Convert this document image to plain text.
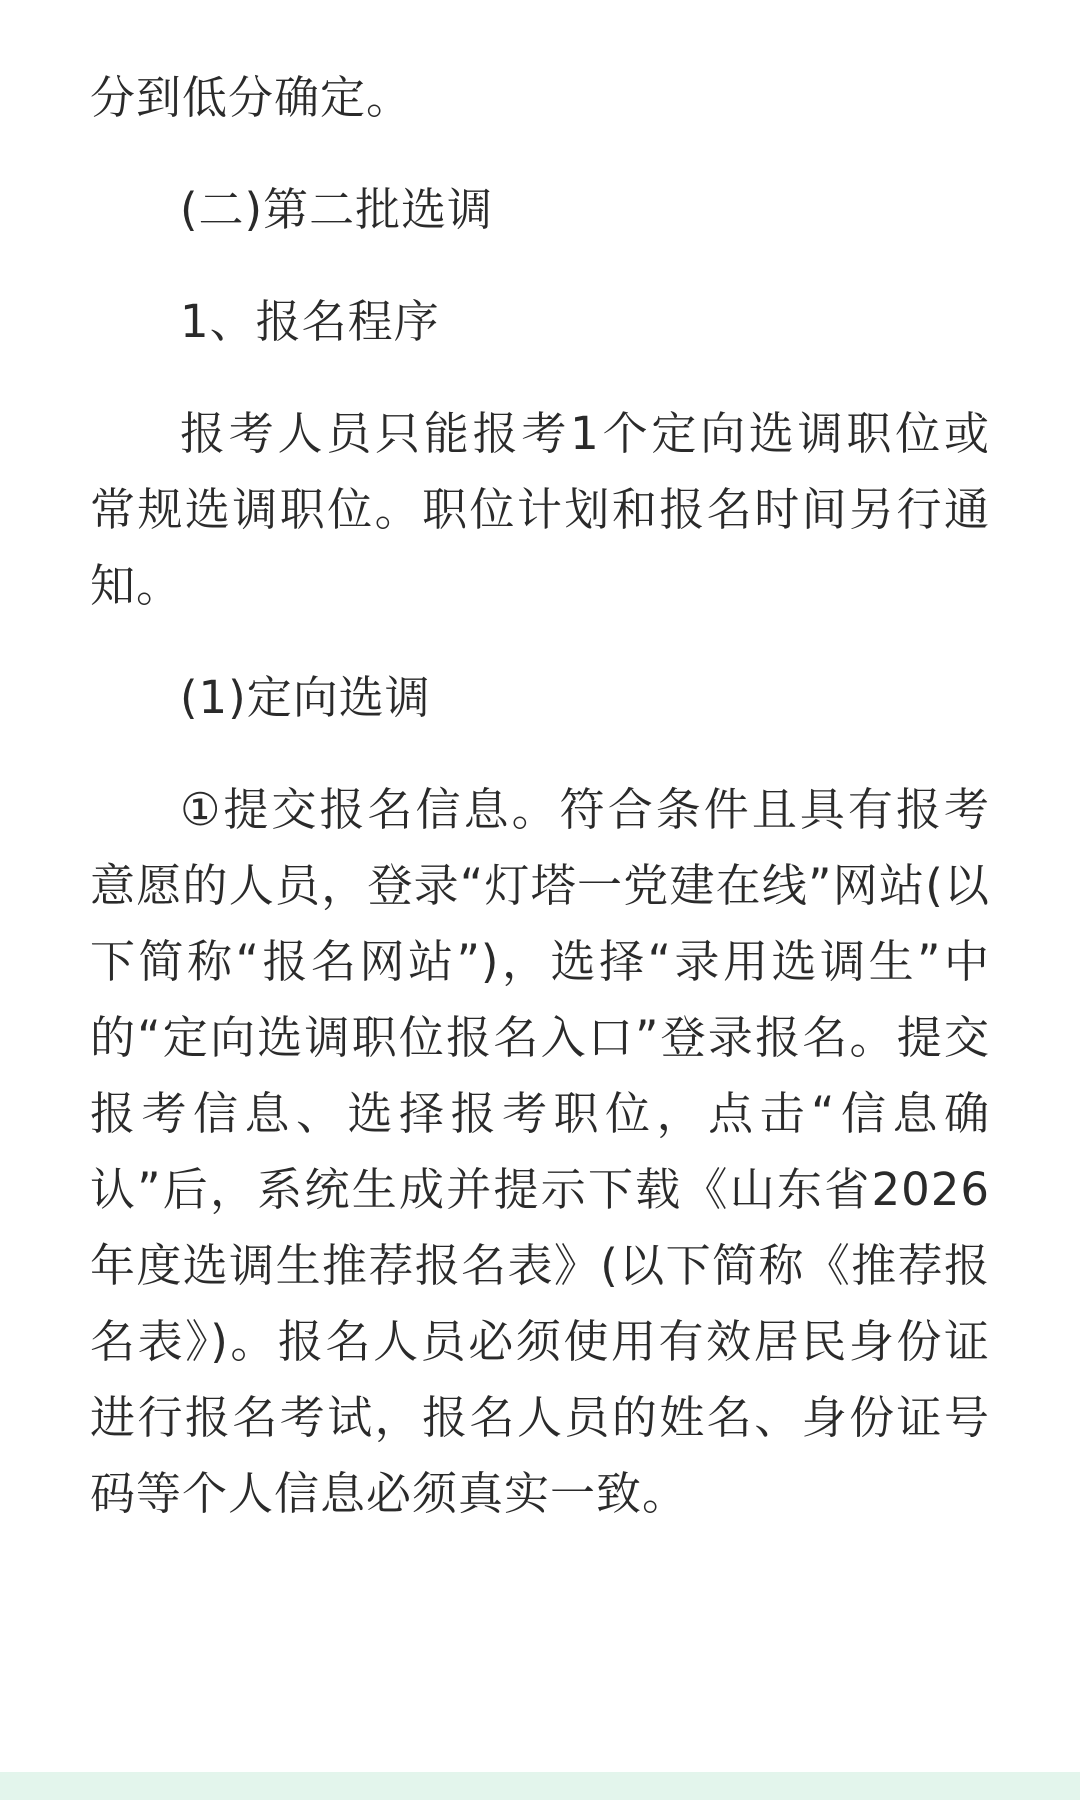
分到低分确定。

(二)第二批选调

1、报名程序

报考人员只能报考1个定向选调职位或常规选调职位。职位计划和报名时间另行通知。

(1)定向选调

①提交报名信息。符合条件且具有报考意愿的人员，登录“灯塔一党建在线”网站(以下简称“报名网站”)，选择“录用选调生”中的“定向选调职位报名入口”登录报名。提交报考信息、选择报考职位，点击“信息确认”后，系统生成并提示下载《山东省2026年度选调生推荐报名表》(以下简称《推荐报名表》)。报名人员必须使用有效居民身份证进行报名考试，报名人员的姓名、身份证号码等个人信息必须真实一致。
